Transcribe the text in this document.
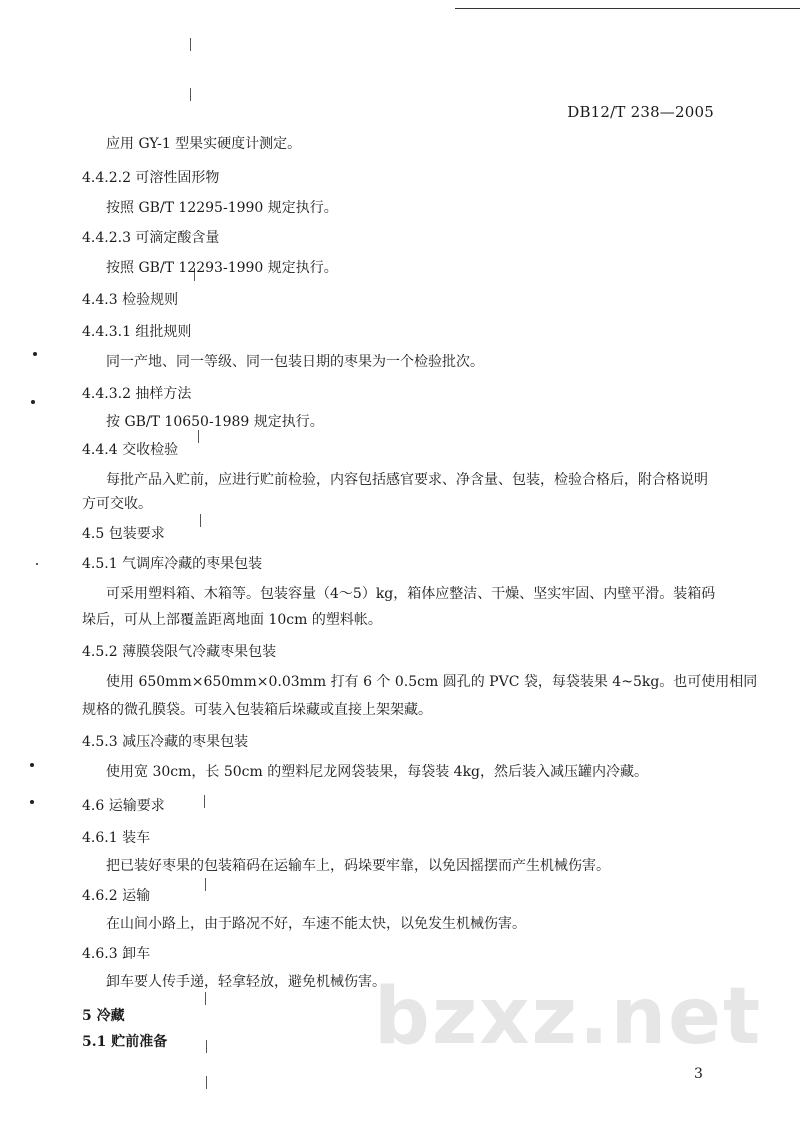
DB12/T 238—2005
bzxz.net
应用 GY-1 型果实硬度计测定。
4.4.2.2 可溶性固形物
按照 GB/T 12295-1990 规定执行。
4.4.2.3 可滴定酸含量
按照 GB/T 12293-1990 规定执行。
4.4.3 检验规则
4.4.3.1 组批规则
同一产地、同一等级、同一包装日期的枣果为一个检验批次。
4.4.3.2 抽样方法
按 GB/T 10650-1989 规定执行。
4.4.4 交收检验
每批产品入贮前，应进行贮前检验，内容包括感官要求、净含量、包装，检验合格后，附合格说明
方可交收。
4.5 包装要求
4.5.1 气调库冷藏的枣果包装
可采用塑料箱、木箱等。包装容量（4～5）kg，箱体应整洁、干燥、坚实牢固、内壁平滑。装箱码
垛后，可从上部覆盖距离地面 10cm 的塑料帐。
4.5.2 薄膜袋限气冷藏枣果包装
使用 650mm×650mm×0.03mm 打有 6 个 0.5cm 圆孔的 PVC 袋，每袋装果 4~5kg。也可使用相同
规格的微孔膜袋。可装入包装箱后垛藏或直接上架架藏。
4.5.3 减压冷藏的枣果包装
使用宽 30cm，长 50cm 的塑料尼龙网袋装果，每袋装 4kg，然后装入减压罐内冷藏。
4.6 运输要求
4.6.1 装车
把已装好枣果的包装箱码在运输车上，码垛要牢靠，以免因摇摆而产生机械伤害。
4.6.2 运输
在山间小路上，由于路况不好，车速不能太快，以免发生机械伤害。
4.6.3 卸车
卸车要人传手递，轻拿轻放，避免机械伤害。
5 冷藏
5.1 贮前准备
3
